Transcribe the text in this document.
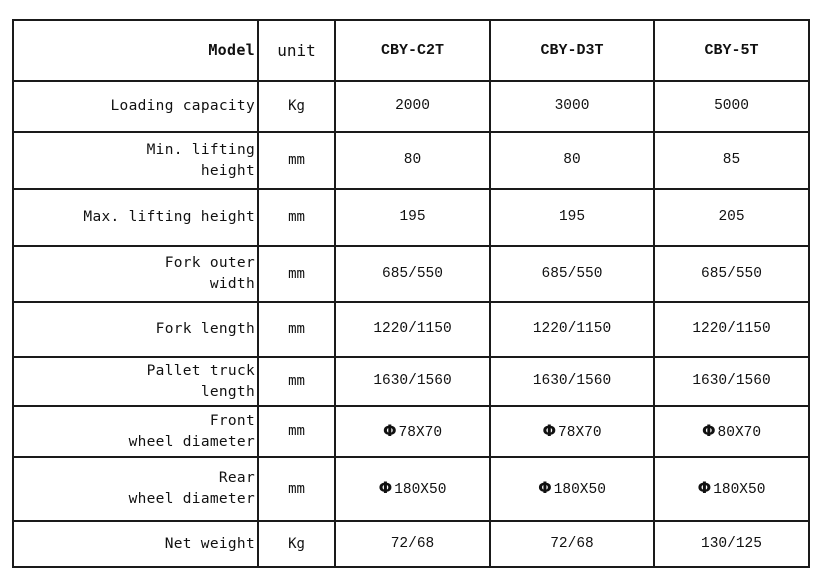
Model	unit	CBY-C2T	CBY-D3T	CBY-5T

Loading capacity	Kg	2000	3000	5000

Min. lifting
height	mm	80	80	85

Max. lifting height	mm	195	195	205

Fork outer
width	mm	685/550	685/550	685/550

Fork length	mm	1220/1150	1220/1150	1220/1150

Pallet truck
length	mm	1630/1560	1630/1560	1630/1560

Front
wheel diameter	mm	Φ 78X70	Φ 78X70	Φ 80X70

Rear
wheel diameter	mm	Φ 180X50	Φ 180X50	Φ 180X50

Net weight	Kg	72/68	72/68	130/125
